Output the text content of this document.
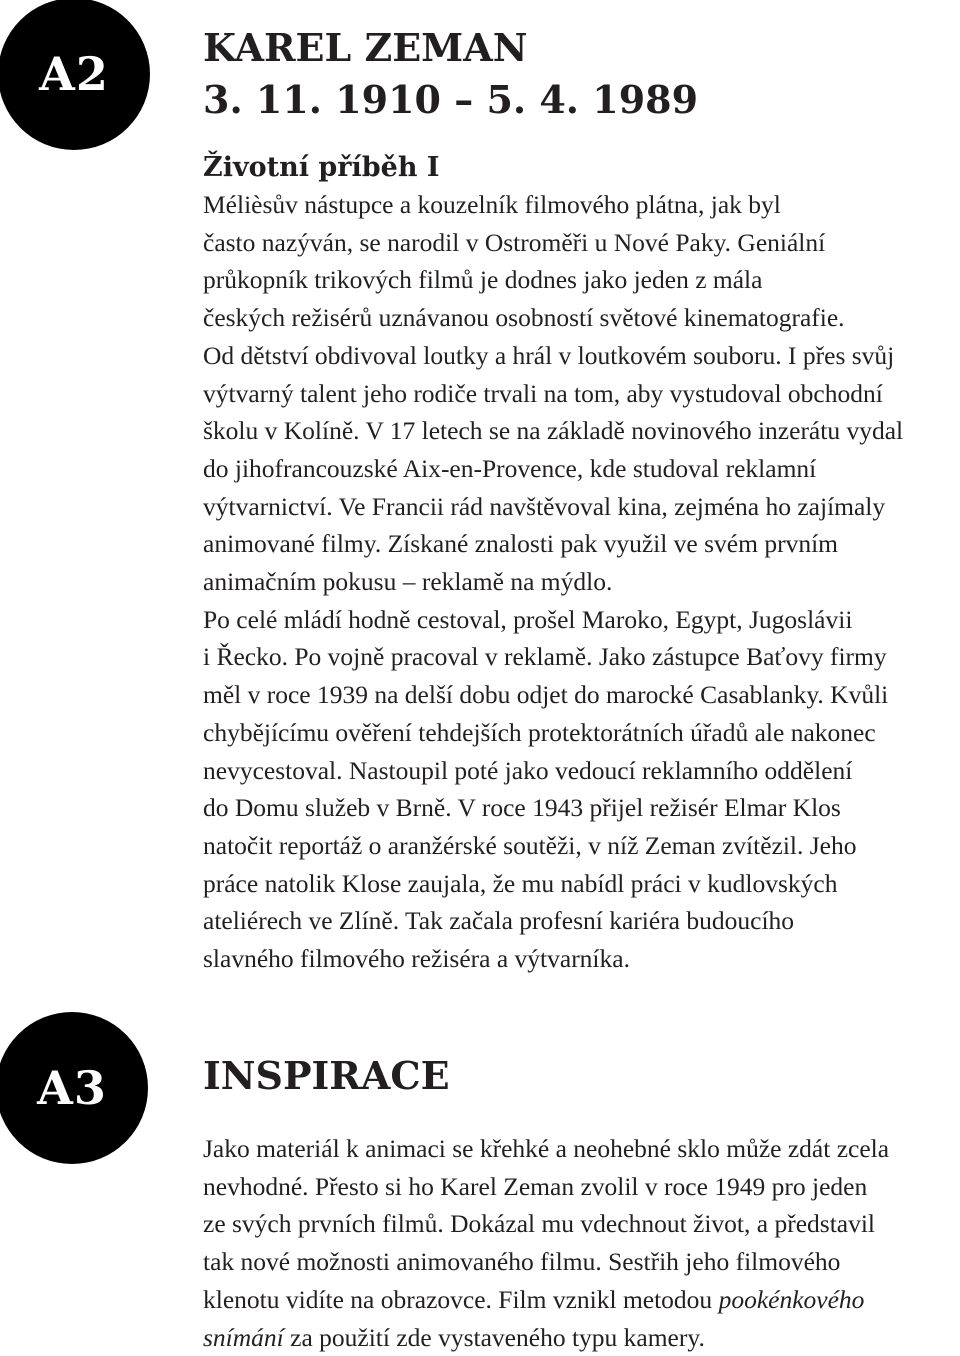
A2 KAREL ZEMAN
3. 11. 1910 – 5. 4. 1989
Životní příběh I
Méliѐsův nástupce a kouzelník filmového plátna, jak byl
často nazýván, se narodil v Ostroměři u Nové Paky. Geniální
průkopník trikových filmů je dodnes jako jeden z mála
českých režisérů uznávanou osobností světové kinematografie.
Od dětství obdivoval loutky a hrál v loutkovém souboru. I přes svůj
výtvarný talent jeho rodiče trvali na tom, aby vystudoval obchodní
školu v Kolíně. V 17 letech se na základě novinového inzerátu vydal
do jihofrancouzské Aix-en-Provence, kde studoval reklamní
výtvarnictví. Ve Francii rád navštěvoval kina, zejména ho zajímaly
animované filmy. Získané znalosti pak využil ve svém prvním
animačním pokusu – reklamě na mýdlo.
Po celé mládí hodně cestoval, prošel Maroko, Egypt, Jugoslávii
i Řecko. Po vojně pracoval v reklamě. Jako zástupce Baťovy firmy
měl v roce 1939 na delší dobu odjet do marocké Casablanky. Kvůli
chybějícímu ověření tehdejších protektorátních úřadů ale nakonec
nevycestoval. Nastoupil poté jako vedoucí reklamního oddělení
do Domu služeb v Brně. V roce 1943 přijel režisér Elmar Klos
natočit reportáž o aranžérské soutěži, v níž Zeman zvítězil. Jeho
práce natolik Klose zaujala, že mu nabídl práci v kudlovských
ateliérech ve Zlíně. Tak začala profesní kariéra budoucího
slavného filmového režiséra a výtvarníka.
A3	INSPIRACE
Jako materiál k animaci se křehké a neohebné sklo může zdát zcela
nevhodné. Přesto si ho Karel Zeman zvolil v roce 1949 pro jeden
ze svých prvních filmů. Dokázal mu vdechnout život, a představil
tak nové možnosti animovaného filmu. Sestřih jeho filmového
klenotu vidíte na obrazovce. Film vznikl metodou pookénkového
snímání za použití zde vystaveného typu kamery.
